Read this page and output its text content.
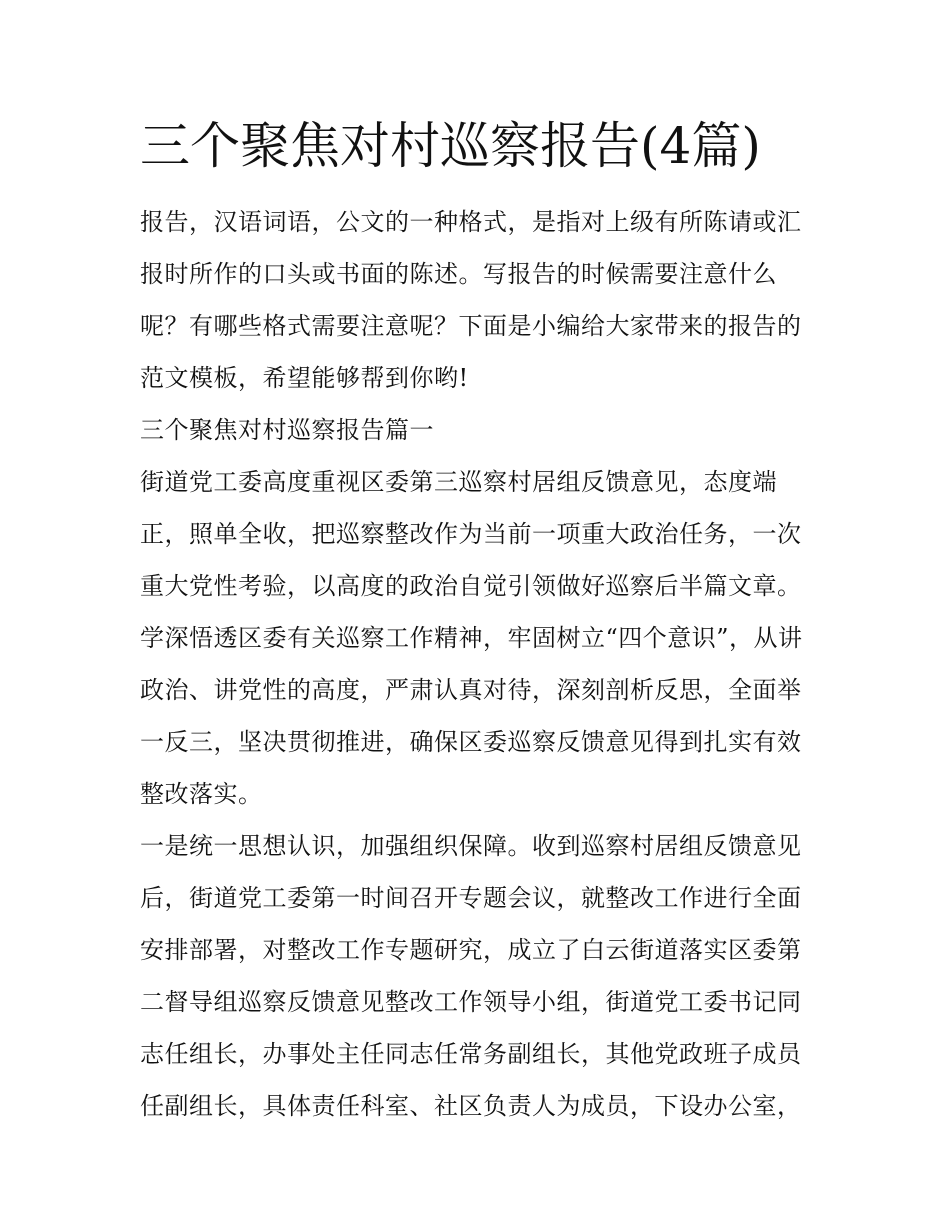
三个聚焦对村巡察报告(4篇)
报告，汉语词语，公文的一种格式，是指对上级有所陈请或汇
报时所作的口头或书面的陈述。写报告的时候需要注意什么
呢？有哪些格式需要注意呢？下面是小编给大家带来的报告的
范文模板，希望能够帮到你哟!
三个聚焦对村巡察报告篇一
街道党工委高度重视区委第三巡察村居组反馈意见，态度端
正，照单全收，把巡察整改作为当前一项重大政治任务，一次
重大党性考验，以高度的政治自觉引领做好巡察后半篇文章。
学深悟透区委有关巡察工作精神，牢固树立“四个意识”，从讲
政治、讲党性的高度，严肃认真对待，深刻剖析反思，全面举
一反三，坚决贯彻推进，确保区委巡察反馈意见得到扎实有效
整改落实。
一是统一思想认识，加强组织保障。收到巡察村居组反馈意见
后，街道党工委第一时间召开专题会议，就整改工作进行全面
安排部署，对整改工作专题研究，成立了白云街道落实区委第
二督导组巡察反馈意见整改工作领导小组，街道党工委书记同
志任组长，办事处主任同志任常务副组长，其他党政班子成员
任副组长，具体责任科室、社区负责人为成员，下设办公室，
